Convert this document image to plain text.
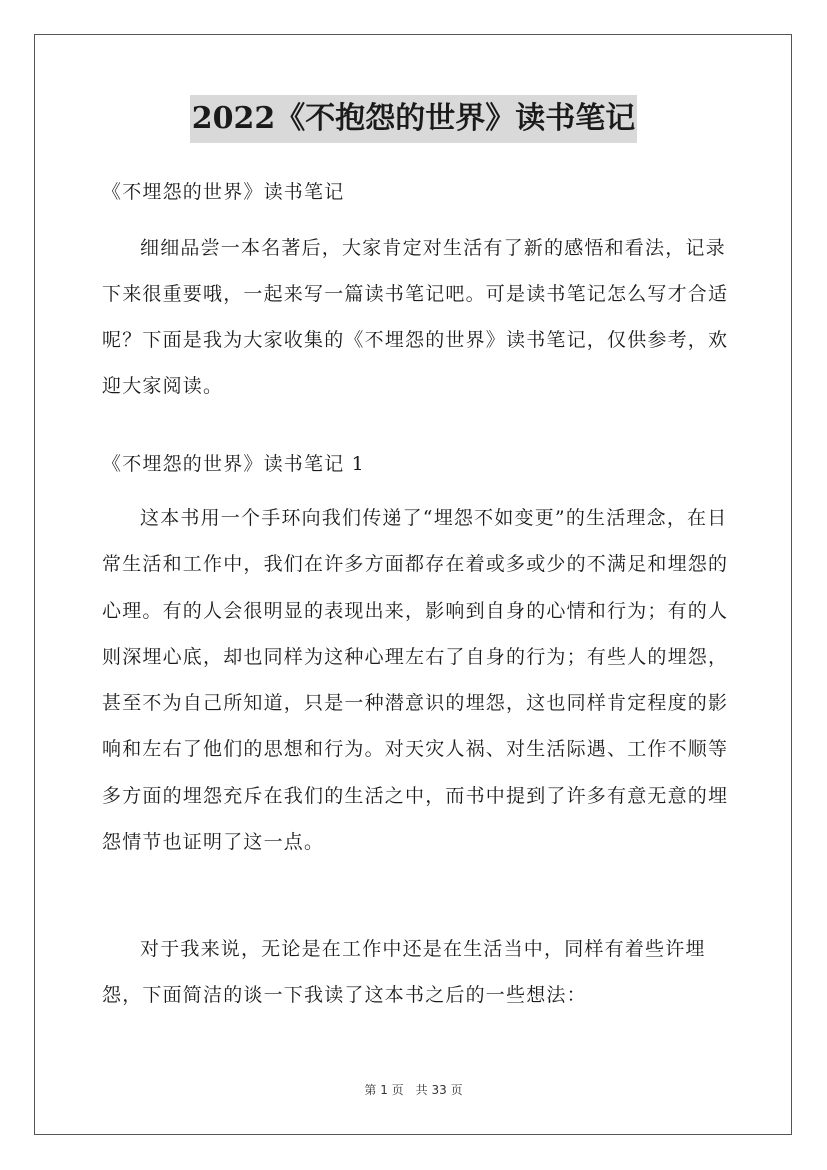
2022《不抱怨的世界》读书笔记
《不埋怨的世界》读书笔记

细细品尝一本名著后，大家肯定对生活有了新的感悟和看法，记录下来很重要哦，一起来写一篇读书笔记吧。可是读书笔记怎么写才合适呢？下面是我为大家收集的《不埋怨的世界》读书笔记，仅供参考，欢迎大家阅读。

《不埋怨的世界》读书笔记 1

这本书用一个手环向我们传递了“埋怨不如变更”的生活理念，在日常生活和工作中，我们在许多方面都存在着或多或少的不满足和埋怨的心理。有的人会很明显的表现出来，影响到自身的心情和行为；有的人则深埋心底，却也同样为这种心理左右了自身的行为；有些人的埋怨，甚至不为自己所知道，只是一种潜意识的埋怨，这也同样肯定程度的影响和左右了他们的思想和行为。对天灾人祸、对生活际遇、工作不顺等多方面的埋怨充斥在我们的生活之中，而书中提到了许多有意无意的埋怨情节也证明了这一点。

对于我来说，无论是在工作中还是在生活当中，同样有着些许埋怨，下面简洁的谈一下我读了这本书之后的一些想法：

第 1 页　共 33 页
